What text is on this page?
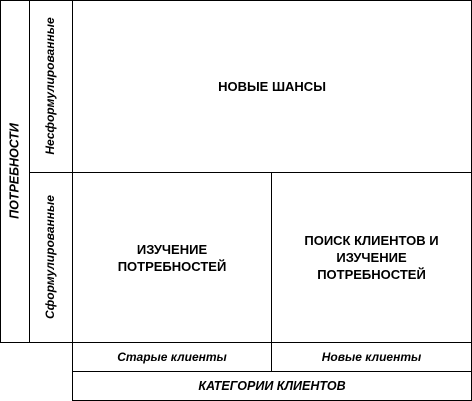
ПОТРЕБНОСТИ
Несформулированные
Сформулированные
НОВЫЕ ШАНСЫ
ИЗУЧЕНИЕ ПОТРЕБНОСТЕЙ
ПОИСК КЛИЕНТОВ И ИЗУЧЕНИЕ ПОТРЕБНОСТЕЙ
Старые клиенты	Новые клиенты
КАТЕГОРИИ КЛИЕНТОВ
